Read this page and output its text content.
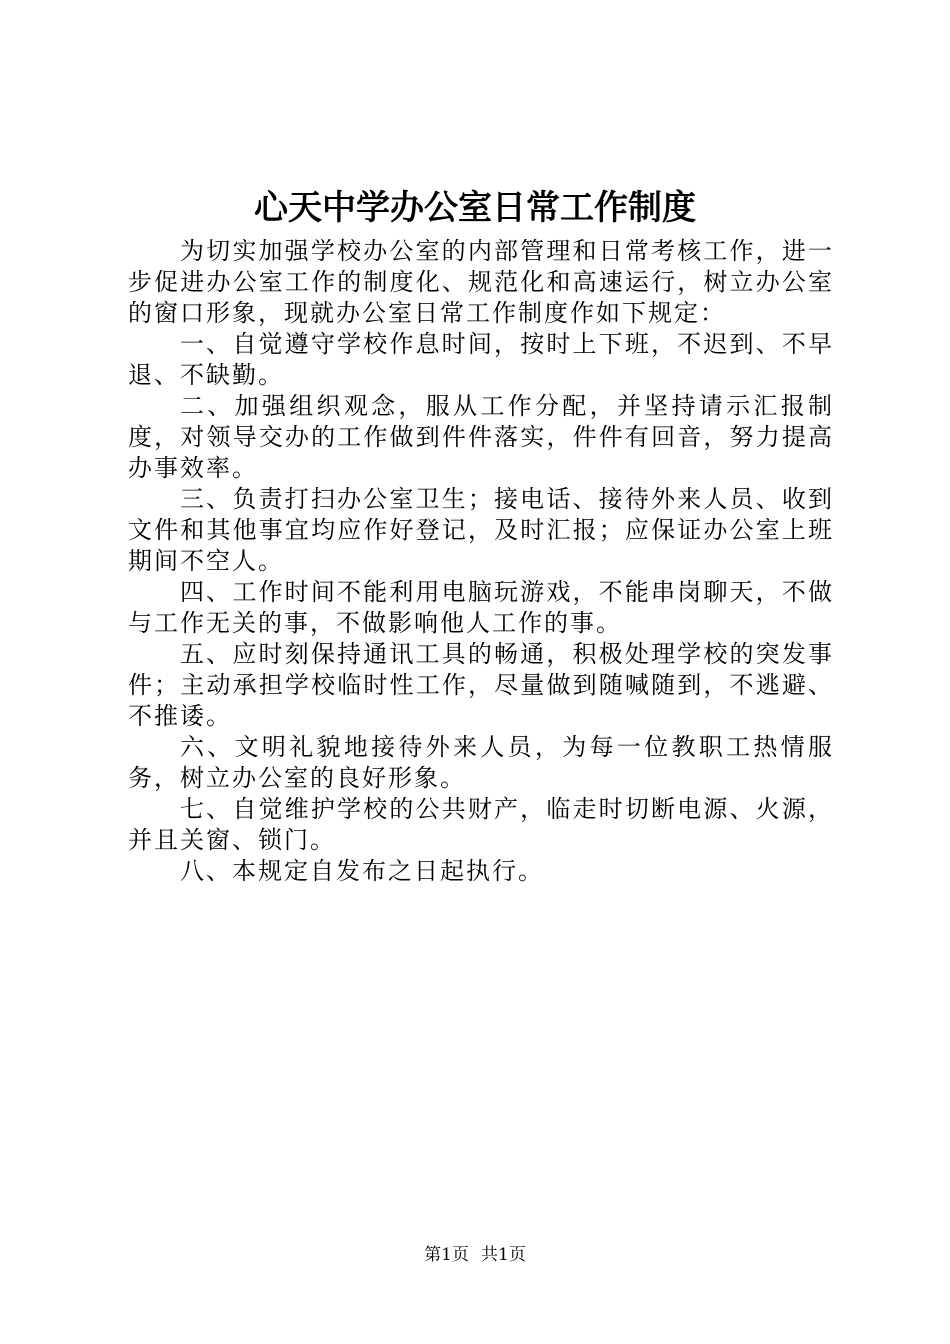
心天中学办公室日常工作制度

为切实加强学校办公室的内部管理和日常考核工作，进一步促进办公室工作的制度化、规范化和高速运行，树立办公室的窗口形象，现就办公室日常工作制度作如下规定：

一、自觉遵守学校作息时间，按时上下班，不迟到、不早退、不缺勤。

二、加强组织观念，服从工作分配，并坚持请示汇报制度，对领导交办的工作做到件件落实，件件有回音，努力提高办事效率。

三、负责打扫办公室卫生；接电话、接待外来人员、收到文件和其他事宜均应作好登记，及时汇报；应保证办公室上班期间不空人。

四、工作时间不能利用电脑玩游戏，不能串岗聊天，不做与工作无关的事，不做影响他人工作的事。

五、应时刻保持通讯工具的畅通，积极处理学校的突发事件；主动承担学校临时性工作，尽量做到随喊随到，不逃避、不推诿。

六、文明礼貌地接待外来人员，为每一位教职工热情服务，树立办公室的良好形象。

七、自觉维护学校的公共财产，临走时切断电源、火源，并且关窗、锁门。

八、本规定自发布之日起执行。

第1页 共1页
